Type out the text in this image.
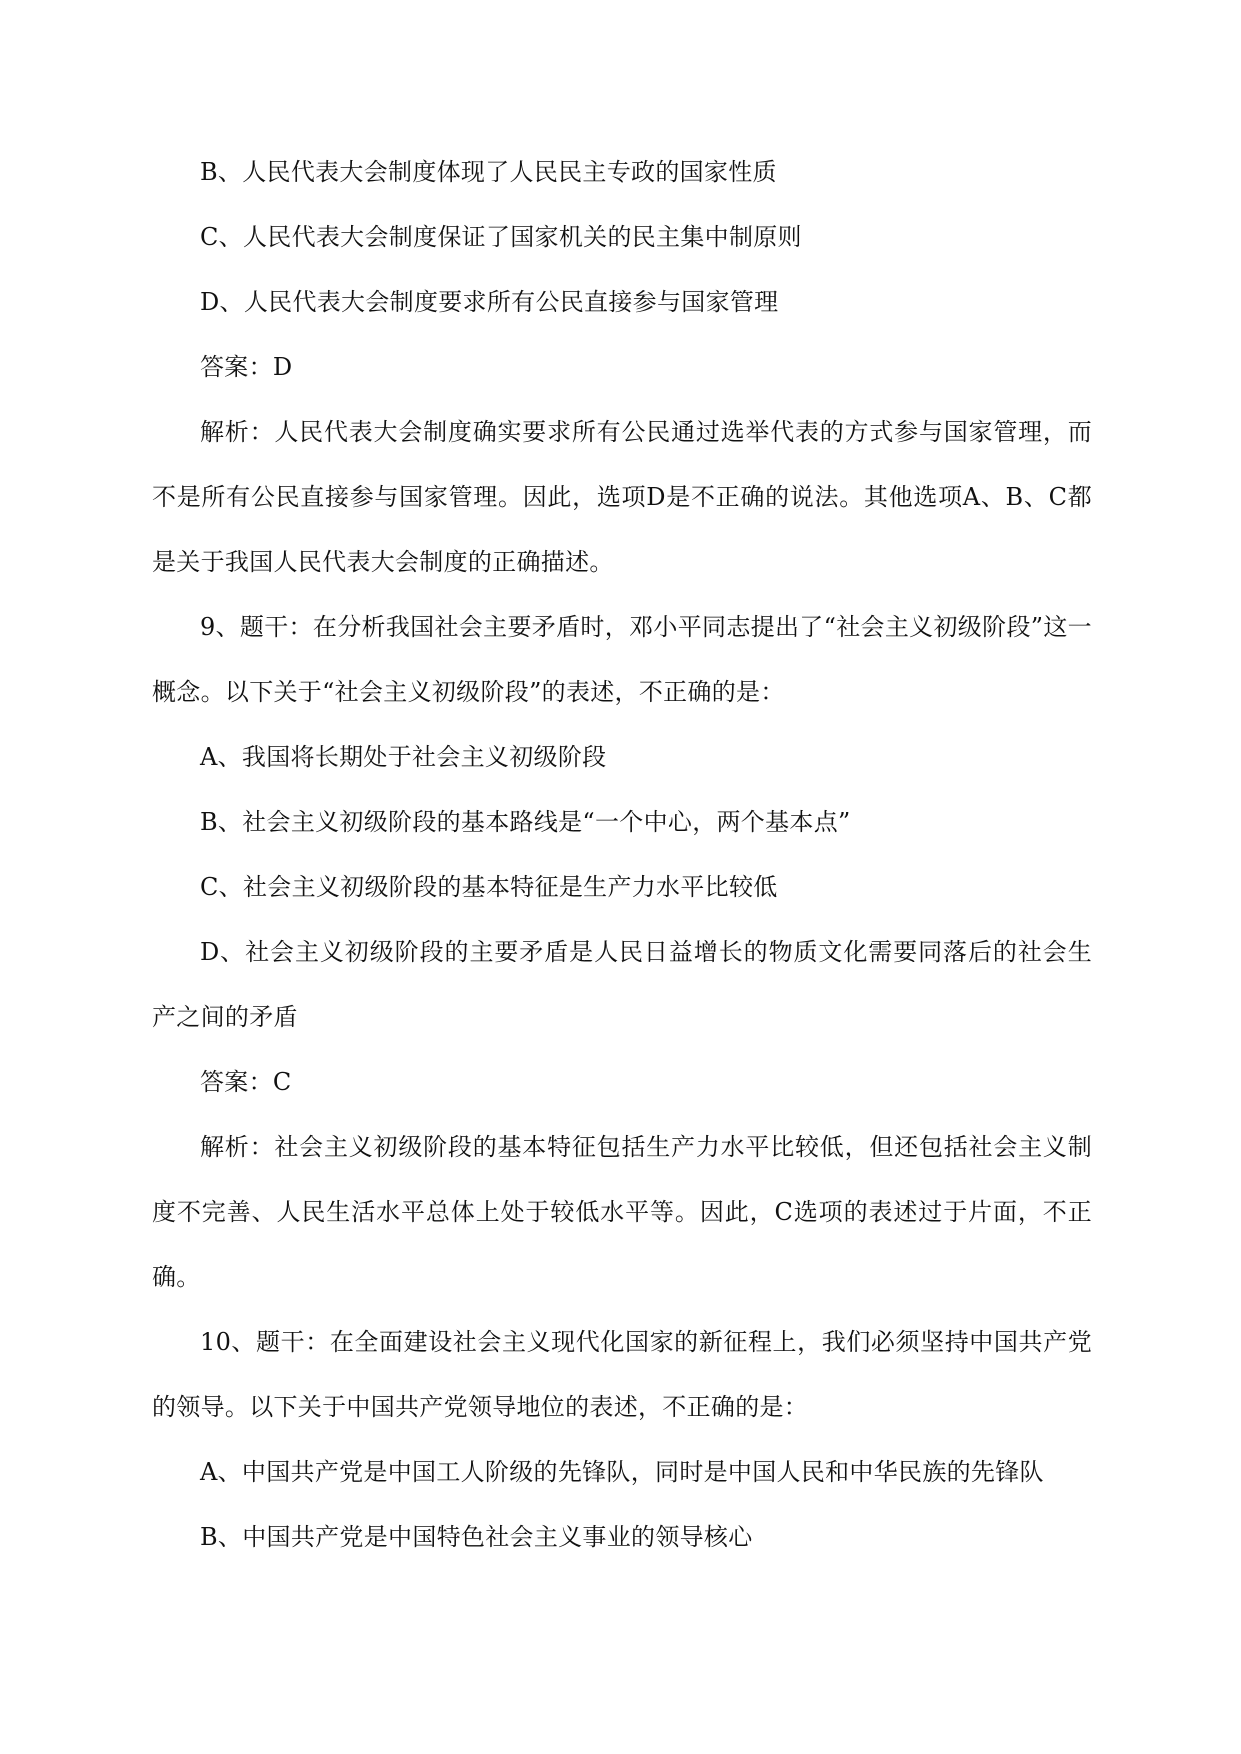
B、人民代表大会制度体现了人民民主专政的国家性质

C、人民代表大会制度保证了国家机关的民主集中制原则

D、人民代表大会制度要求所有公民直接参与国家管理

答案：D

解析：人民代表大会制度确实要求所有公民通过选举代表的方式参与国家管理，而不是所有公民直接参与国家管理。因此，选项D是不正确的说法。其他选项A、B、C都是关于我国人民代表大会制度的正确描述。

9、题干：在分析我国社会主要矛盾时，邓小平同志提出了“社会主义初级阶段”这一概念。以下关于“社会主义初级阶段”的表述，不正确的是：

A、我国将长期处于社会主义初级阶段

B、社会主义初级阶段的基本路线是“一个中心，两个基本点”

C、社会主义初级阶段的基本特征是生产力水平比较低

D、社会主义初级阶段的主要矛盾是人民日益增长的物质文化需要同落后的社会生产之间的矛盾

答案：C

解析：社会主义初级阶段的基本特征包括生产力水平比较低，但还包括社会主义制度不完善、人民生活水平总体上处于较低水平等。因此，C选项的表述过于片面，不正确。

10、题干：在全面建设社会主义现代化国家的新征程上，我们必须坚持中国共产党的领导。以下关于中国共产党领导地位的表述，不正确的是：

A、中国共产党是中国工人阶级的先锋队，同时是中国人民和中华民族的先锋队

B、中国共产党是中国特色社会主义事业的领导核心
